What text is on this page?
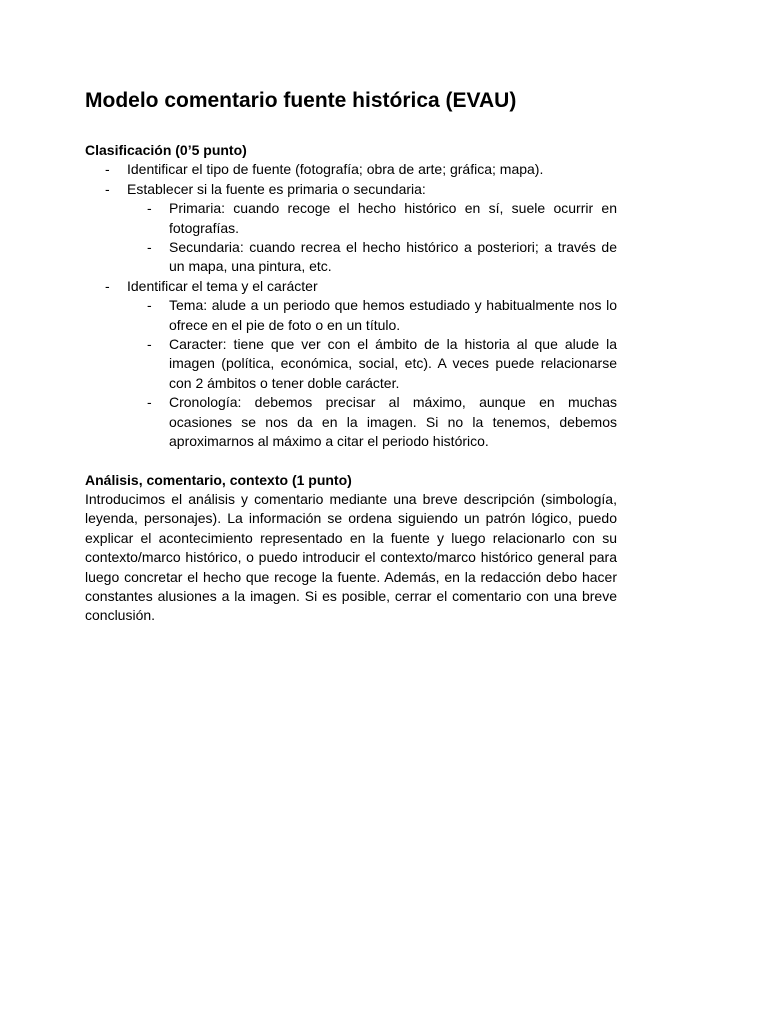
Modelo comentario fuente histórica (EVAU)

Clasificación (0’5 punto)

- Identificar el tipo de fuente (fotografía; obra de arte; gráfica; mapa).
- Establecer si la fuente es primaria o secundaria:
- Primaria: cuando recoge el hecho histórico en sí, suele ocurrir en fotografías.
- Secundaria: cuando recrea el hecho histórico a posteriori; a través de un mapa, una pintura, etc.
- Identificar el tema y el carácter
- Tema: alude a un periodo que hemos estudiado y habitualmente nos lo ofrece en el pie de foto o en un título.
- Caracter: tiene que ver con el ámbito de la historia al que alude la imagen (política, económica, social, etc). A veces puede relacionarse con 2 ámbitos o tener doble carácter.
- Cronología: debemos precisar al máximo, aunque en muchas ocasiones se nos da en la imagen. Si no la tenemos, debemos aproximarnos al máximo a citar el periodo histórico.

Análisis, comentario, contexto (1 punto)

Introducimos el análisis y comentario mediante una breve descripción (simbología, leyenda, personajes). La información se ordena siguiendo un patrón lógico, puedo explicar el acontecimiento representado en la fuente y luego relacionarlo con su contexto/marco histórico, o puedo introducir el contexto/marco histórico general para luego concretar el hecho que recoge la fuente. Además, en la redacción debo hacer constantes alusiones a la imagen. Si es posible, cerrar el comentario con una breve conclusión.
